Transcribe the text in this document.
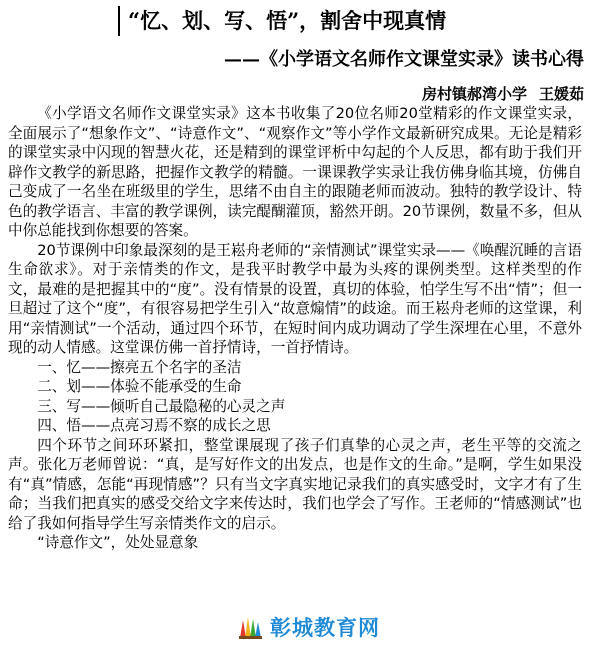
“忆、划、写、悟”，割舍中现真情
——《小学语文名师作文课堂实录》读书心得
房村镇郝湾小学 王媛茹

《小学语文名师作文课堂实录》这本书收集了20位名师20堂精彩的作文课堂实录，全面展示了“想象作文”、“诗意作文”、“观察作文”等小学作文最新研究成果。无论是精彩的课堂实录中闪现的智慧火花，还是精到的课堂评析中勾起的个人反思，都有助于我们开辟作文教学的新思路，把握作文教学的精髓。一课课教学实录让我仿佛身临其境，仿佛自己变成了一名坐在班级里的学生，思绪不由自主的跟随老师而波动。独特的教学设计、特色的教学语言、丰富的教学课例，读完醍醐灌顶，豁然开朗。20节课例，数量不多，但从中你总能找到你想要的答案。

20节课例中印象最深刻的是王崧舟老师的“亲情测试”课堂实录——《唤醒沉睡的言语生命欲求》。对于亲情类的作文，是我平时教学中最为头疼的课例类型。这样类型的作文，最难的是把握其中的“度”。没有情景的设置，真切的体验，怕学生写不出“情”；但一旦超过了这个“度”，有很容易把学生引入“故意煽情”的歧途。而王崧舟老师的这堂课，利用“亲情测试”一个活动，通过四个环节，在短时间内成功调动了学生深埋在心里，不意外现的动人情感。这堂课仿佛一首抒情诗，一首抒情诗。

一、忆——擦亮五个名字的圣洁

二、划——体验不能承受的生命

三、写——倾听自己最隐秘的心灵之声

四、悟——点亮习焉不察的成长之思

四个环节之间环环紧扣，整堂课展现了孩子们真挚的心灵之声，老生平等的交流之声。张化万老师曾说：“真，是写好作文的出发点，也是作文的生命。”是啊，学生如果没有“真”情感，怎能“再现情感”？只有当文字真实地记录我们的真实感受时，文字才有了生命；当我们把真实的感受交给文字来传达时，我们也学会了写作。王老师的“情感测试”也给了我如何指导学生写亲情类作文的启示。

“诗意作文”，处处显意象

彰城教育网
